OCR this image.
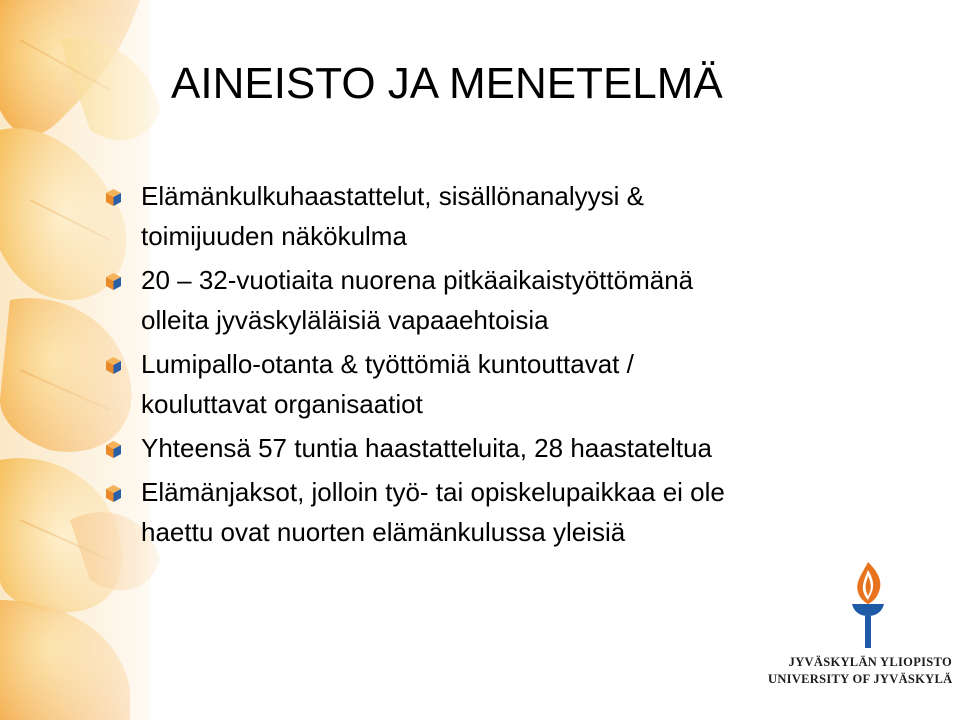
AINEISTO JA MENETELMÄ
Elämänkulkuhaastattelut, sisällönanalyysi &
toimijuuden näkökulma
20 – 32-vuotiaita nuorena pitkäaikaistyöttömänä
olleita jyväskyläläisiä vapaaehtoisia
Lumipallo-otanta & työttömiä kuntouttavat /
kouluttavat organisaatiot
Yhteensä 57 tuntia haastatteluita, 28 haastateltua
Elämänjaksot, jolloin työ- tai opiskelupaikkaa ei ole
haettu ovat nuorten elämänkulussa yleisiä
JYVÄSKYLÄN YLIOPISTO
UNIVERSITY OF JYVÄSKYLÄ
